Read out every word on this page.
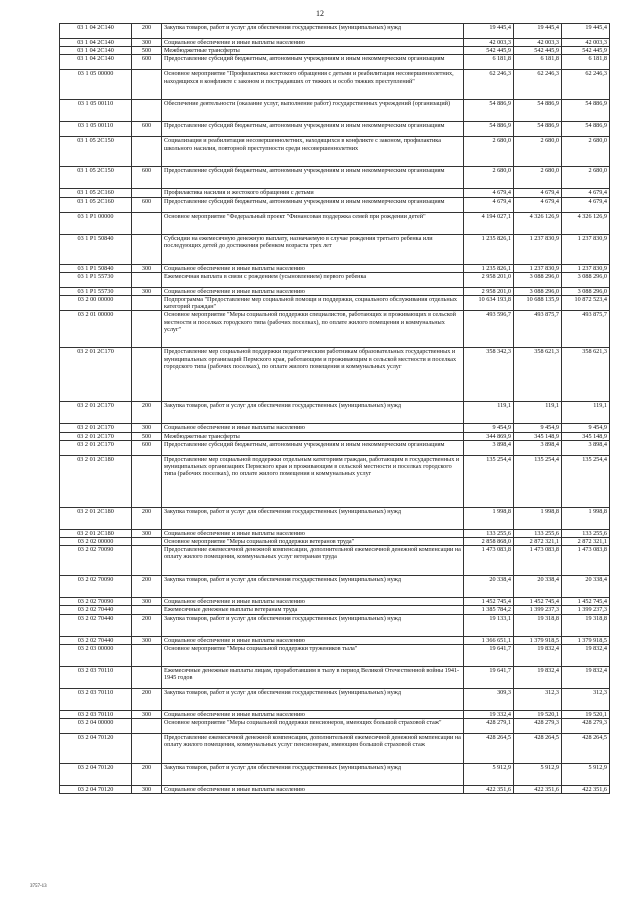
12
03 1 04 2C140	200	Закупка товаров, работ и услуг для обеспечения государственных (муниципальных) нужд	19 445,4	19 445,4	19 445,4
03 1 04 2C140	300	Социальное обеспечение и иные выплаты населению	42 003,3	42 003,3	42 003,3
03 1 04 2C140	500	Межбюджетные трансферты	542 445,9	542 445,9	542 445,9
03 1 04 2C140	600	Предоставление субсидий бюджетным, автономным учреждениям и иным некоммерческим организациям	6 181,8	6 181,8	6 181,8
03 1 05 00000		Основное мероприятие "Профилактика жестокого обращения с детьми и реабилитация несовершеннолетних, находящихся в конфликте с законом и пострадавших от тяжких и особо тяжких преступлений"	62 246,3	62 246,3	62 246,3
03 1 05 00110		Обеспечение деятельности (оказание услуг, выполнение работ) государственных учреждений (организаций)	54 886,9	54 886,9	54 886,9
03 1 05 00110	600	Предоставление субсидий бюджетным, автономным учреждениям и иным некоммерческим организациям	54 886,9	54 886,9	54 886,9
03 1 05 2C150		Социализация и реабилитация несовершеннолетних, находящихся в конфликте с законом, профилактика школьного насилия, повторной преступности среди несовершеннолетних	2 680,0	2 680,0	2 680,0
03 1 05 2C150	600	Предоставление субсидий бюджетным, автономным учреждениям и иным некоммерческим организациям	2 680,0	2 680,0	2 680,0
03 1 05 2C160		Профилактика насилия и жестокого обращения с детьми	4 679,4	4 679,4	4 679,4
03 1 05 2C160	600	Предоставление субсидий бюджетным, автономным учреждениям и иным некоммерческим организациям	4 679,4	4 679,4	4 679,4
03 1 P1 00000		Основное мероприятие "Федеральный проект "Финансовая поддержка семей при рождении детей"	4 194 027,1	4 326 126,9	4 326 126,9
03 1 P1 50840		Субсидии на ежемесячную денежную выплату, назначаемую в случае рождения третьего ребенка или последующих детей до достижения ребенком возраста трех лет	1 235 826,1	1 237 830,9	1 237 830,9
03 1 P1 50840	300	Социальное обеспечение и иные выплаты населению	1 235 826,1	1 237 830,9	1 237 830,9
03 1 P1 55730		Ежемесячная выплата в связи с рождением (усыновлением) первого ребенка	2 958 201,0	3 088 296,0	3 088 296,0
03 1 P1 55730	300	Социальное обеспечение и иные выплаты населению	2 958 201,0	3 088 296,0	3 088 296,0
03 2 00 00000		Подпрограмма "Предоставление мер социальной помощи и поддержки, социального обслуживания отдельных категорий граждан"	10 634 193,8	10 688 135,9	10 872 523,4
03 2 01 00000		Основное мероприятие "Меры социальной поддержки специалистов, работающих и проживающих в сельской местности и поселках городского типа (рабочих поселках), по оплате жилого помещения и коммунальных услуг"	493 596,7	493 875,7	493 875,7
03 2 01 2C170		Предоставление мер социальной поддержки педагогическим работникам образовательных государственных и муниципальных организаций Пермского края, работающим и проживающим в сельской местности и поселках городского типа (рабочих поселках), по оплате жилого помещения и коммунальных услуг	358 342,3	358 621,3	358 621,3
03 2 01 2C170	200	Закупка товаров, работ и услуг для обеспечения государственных (муниципальных) нужд	119,1	119,1	119,1
03 2 01 2C170	300	Социальное обеспечение и иные выплаты населению	9 454,9	9 454,9	9 454,9
03 2 01 2C170	500	Межбюджетные трансферты	344 869,9	345 148,9	345 148,9
03 2 01 2C170	600	Предоставление субсидий бюджетным, автономным учреждениям и иным некоммерческим организациям	3 898,4	3 898,4	3 898,4
03 2 01 2C180		Предоставление мер социальной поддержки отдельным категориям граждан, работающим в государственных и муниципальных организациях Пермского края и проживающим в сельской местности и поселках городского типа (рабочих поселках), по оплате жилого помещения и коммунальных услуг	135 254,4	135 254,4	135 254,4
03 2 01 2C180	200	Закупка товаров, работ и услуг для обеспечения государственных (муниципальных) нужд	1 998,8	1 998,8	1 998,8
03 2 01 2C180	300	Социальное обеспечение и иные выплаты населению	133 255,6	133 255,6	133 255,6
03 2 02 00000		Основное мероприятие "Меры социальной поддержки ветеранов труда"	2 858 868,0	2 872 321,1	2 872 321,1
03 2 02 70090		Предоставление ежемесячной денежной компенсации, дополнительной ежемесячной денежной компенсации на оплату жилого помещения, коммунальных услуг ветеранам труда	1 473 083,8	1 473 083,8	1 473 083,8
03 2 02 70090	200	Закупка товаров, работ и услуг для обеспечения государственных (муниципальных) нужд	20 338,4	20 338,4	20 338,4
03 2 02 70090	300	Социальное обеспечение и иные выплаты населению	1 452 745,4	1 452 745,4	1 452 745,4
03 2 02 70440		Ежемесячные денежные выплаты ветеранам труда	1 385 784,2	1 399 237,3	1 399 237,3
03 2 02 70440	200	Закупка товаров, работ и услуг для обеспечения государственных (муниципальных) нужд	19 133,1	19 318,8	19 318,8
03 2 02 70440	300	Социальное обеспечение и иные выплаты населению	1 366 651,1	1 379 918,5	1 379 918,5
03 2 03 00000		Основное мероприятие "Меры социальной поддержки тружеников тыла"	19 641,7	19 832,4	19 832,4
03 2 03 70110		Ежемесячные денежные выплаты лицам, проработавшим в тылу в период Великой Отечественной войны 1941-1945 годов	19 641,7	19 832,4	19 832,4
03 2 03 70110	200	Закупка товаров, работ и услуг для обеспечения государственных (муниципальных) нужд	309,3	312,3	312,3
03 2 03 70110	300	Социальное обеспечение и иные выплаты населению	19 332,4	19 520,1	19 520,1
03 2 04 00000		Основное мероприятие "Меры социальной поддержки пенсионеров, имеющих большой страховой стаж"	428 279,1	428 279,3	428 279,3
03 2 04 70120		Предоставление ежемесячной денежной компенсации, дополнительной ежемесячной денежной компенсации на оплату жилого помещения, коммунальных услуг пенсионерам, имеющим большой страховой стаж	428 264,5	428 264,5	428 264,5
03 2 04 70120	200	Закупка товаров, работ и услуг для обеспечения государственных (муниципальных) нужд	5 912,9	5 912,9	5 912,9
03 2 04 70120	300	Социальное обеспечение и иные выплаты населению	422 351,6	422 351,6	422 351,6
3757-13
